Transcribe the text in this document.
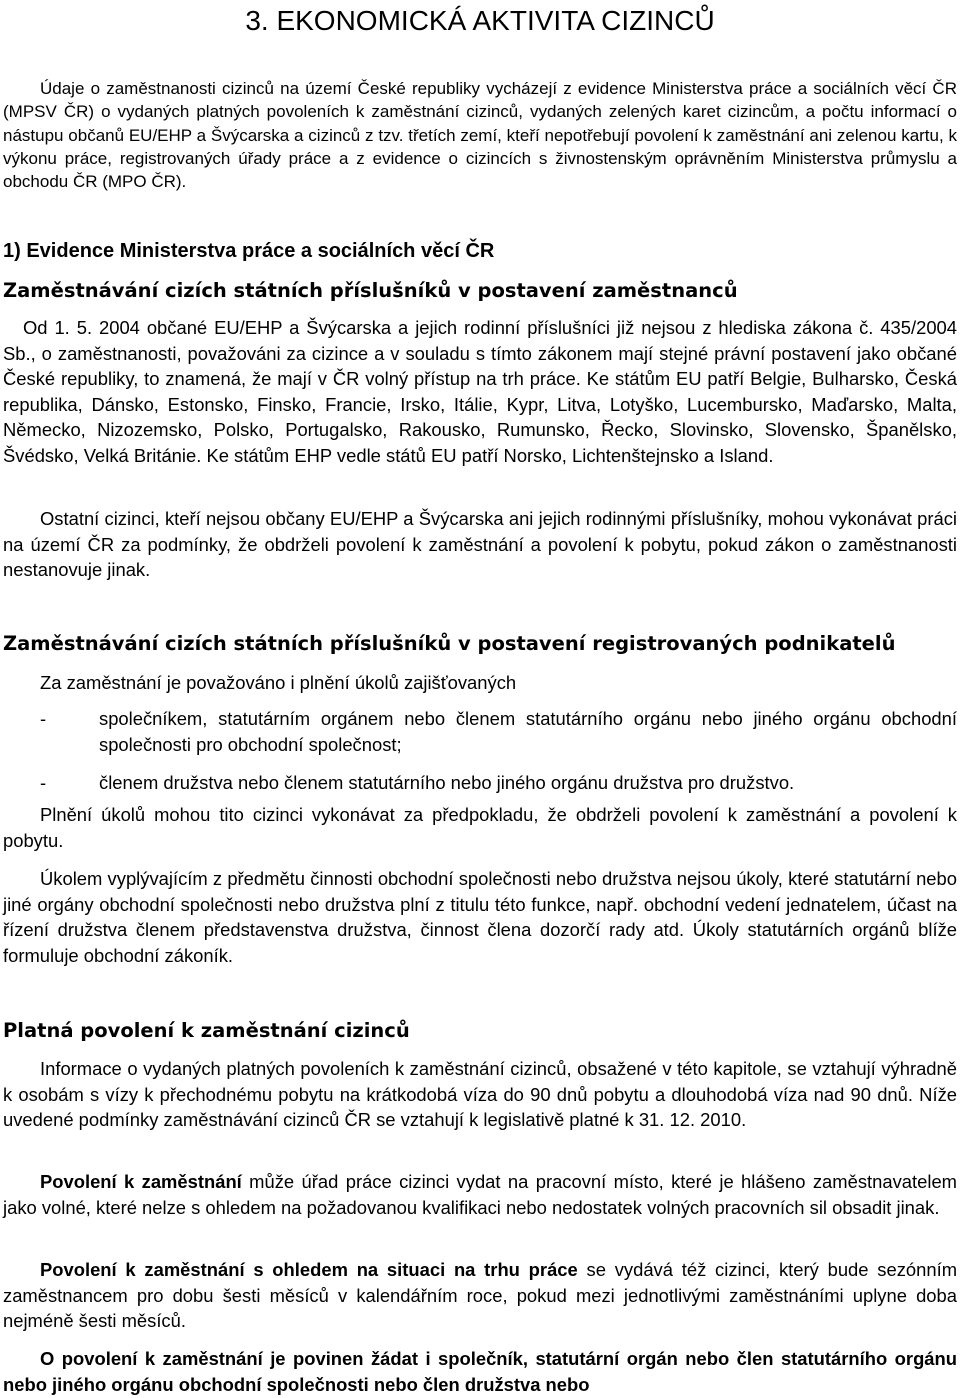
3. EKONOMICKÁ AKTIVITA CIZINCŮ
Údaje o zaměstnanosti cizinců na území České republiky vycházejí z evidence Ministerstva práce a sociálních věcí ČR (MPSV ČR) o vydaných platných povoleních k zaměstnání cizinců, vydaných zelených karet cizincům, a počtu informací o nástupu občanů EU/EHP a Švýcarska a cizinců z tzv. třetích zemí, kteří nepotřebují povolení k zaměstnání ani zelenou kartu, k výkonu práce, registrovaných úřady práce a z evidence o cizincích s živnostenským oprávněním Ministerstva průmyslu a obchodu ČR (MPO ČR).
1) Evidence Ministerstva práce a sociálních věcí ČR
Zaměstnávání cizích státních příslušníků v postavení zaměstnanců
Od 1. 5. 2004 občané EU/EHP a Švýcarska a jejich rodinní příslušníci již nejsou z hlediska zákona č. 435/2004 Sb., o zaměstnanosti, považováni za cizince a v souladu s tímto zákonem mají stejné právní postavení jako občané České republiky, to znamená, že mají v ČR volný přístup na trh práce. Ke státům EU patří Belgie, Bulharsko, Česká republika, Dánsko, Estonsko, Finsko, Francie, Irsko, Itálie, Kypr, Litva, Lotyško, Lucembursko, Maďarsko, Malta, Německo, Nizozemsko, Polsko, Portugalsko, Rakousko, Rumunsko, Řecko, Slovinsko, Slovensko, Španělsko, Švédsko, Velká Británie. Ke státům EHP vedle států EU patří Norsko, Lichtenštejnsko a Island.
Ostatní cizinci, kteří nejsou občany EU/EHP a Švýcarska ani jejich rodinnými příslušníky, mohou vykonávat práci na území ČR za podmínky, že obdrželi povolení k zaměstnání a povolení k pobytu, pokud zákon o zaměstnanosti nestanovuje jinak.
Zaměstnávání cizích státních příslušníků v postavení registrovaných podnikatelů
Za zaměstnání je považováno i plnění úkolů zajišťovaných
-	společníkem, statutárním orgánem nebo členem statutárního orgánu nebo jiného orgánu obchodní společnosti pro obchodní společnost;
-	členem družstva nebo členem statutárního nebo jiného orgánu družstva pro družstvo.
Plnění úkolů mohou tito cizinci vykonávat za předpokladu, že obdrželi povolení k zaměstnání a povolení k pobytu.
Úkolem vyplývajícím z předmětu činnosti obchodní společnosti nebo družstva nejsou úkoly, které statutární nebo jiné orgány obchodní společnosti nebo družstva plní z titulu této funkce, např. obchodní vedení jednatelem, účast na řízení družstva členem představenstva družstva, činnost člena dozorčí rady atd. Úkoly statutárních orgánů blíže formuluje obchodní zákoník.
Platná povolení k zaměstnání cizinců
Informace o vydaných platných povoleních k zaměstnání cizinců, obsažené v této kapitole, se vztahují výhradně k osobám s vízy k přechodnému pobytu na krátkodobá víza do 90 dnů pobytu a dlouhodobá víza nad 90 dnů. Níže uvedené podmínky zaměstnávání cizinců ČR se vztahují k legislativě platné k 31. 12. 2010.
Povolení k zaměstnání může úřad práce cizinci vydat na pracovní místo, které je hlášeno zaměstnavatelem jako volné, které nelze s ohledem na požadovanou kvalifikaci nebo nedostatek volných pracovních sil obsadit jinak.
Povolení k zaměstnání s ohledem na situaci na trhu práce se vydává též cizinci, který bude sezónním zaměstnancem pro dobu šesti měsíců v kalendářním roce, pokud mezi jednotlivými zaměstnáními uplyne doba nejméně šesti měsíců.
O povolení k zaměstnání je povinen žádat i společník, statutární orgán nebo člen statutárního orgánu nebo jiného orgánu obchodní společnosti nebo člen družstva nebo
